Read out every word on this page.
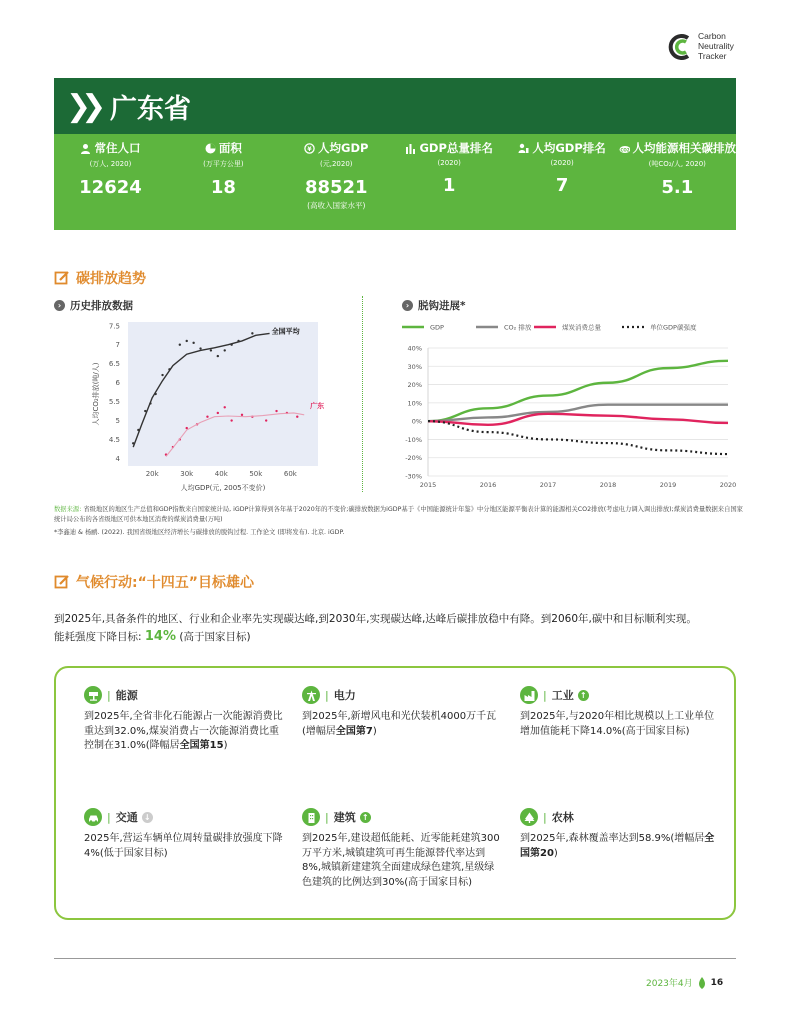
Carbon
Neutrality
Tracker
❯❯ 广东省
常住人口
(万人, 2020)
12624
面积
(万平方公里)
18
¥ 人均GDP
(元,2020)
88521
(高收入国家水平)
GDP总量排名
(2020)
1
人均GDP排名
(2020)
7
CO2 人均能源相关碳排放
(吨CO₂/人, 2020)
5.1
碳排放趋势
› 历史排放数据	› 脱钩进展*
4
4.5
5
5.5
6
6.5
7
7.5
20k	30k	40k	50k	60k
人均GDP(元, 2005不变价)
人均CO₂排放(吨/人)
全国平均
广东
-30%
-20%
-10%
0%
10%
20%
30%
40%
2015	2016	2017	2018	2019	2020
GDP	CO₂ 排放	煤炭消费总量	单位GDP碳强度
数据来源: 省级地区的地区生产总值和GDP指数来自国家统计局, iGDP计算得到各年基于2020年的不变价;碳排放数据为iGDP基于《中国能源统计年鉴》中分地区能源平衡表计算的能源相关CO2排放(考虑电力调入调出排放);煤炭消费量数据来自国家统计局公布的各省级地区可供本地区消费的煤炭消费量(万吨)
*李鑫迪 & 杨鹂. (2022). 我国省级地区经济增长与碳排放的脱钩过程. 工作论文 (即将发布). 北京. iGDP.
气候行动:“十四五”目标雄心
到2025年,具备条件的地区、行业和企业率先实现碳达峰,到2030年,实现碳达峰,达峰后碳排放稳中有降。到2060年,碳中和目标顺利实现。
能耗强度下降目标: 14% (高于国家目标)
| 能源
到2025年,全省非化石能源占一次能源消费比重达到32.0%,煤炭消费占一次能源消费比重控制在31.0%(降幅居全国第15)
| 电力
到2025年,新增风电和光伏装机4000万千瓦(增幅居全国第7)
| 工业 ↑
到2025年,与2020年相比规模以上工业单位增加值能耗下降14.0%(高于国家目标)
| 交通 ↓
2025年,营运车辆单位周转量碳排放强度下降4%(低于国家目标)
| 建筑 ↑
到2025年,建设超低能耗、近零能耗建筑300万平方米,城镇建筑可再生能源替代率达到8%,城镇新建建筑全面建成绿色建筑,星级绿色建筑的比例达到30%(高于国家目标)
| 农林
到2025年,森林覆盖率达到58.9%(增幅居全国第20)
2023年4月 16
